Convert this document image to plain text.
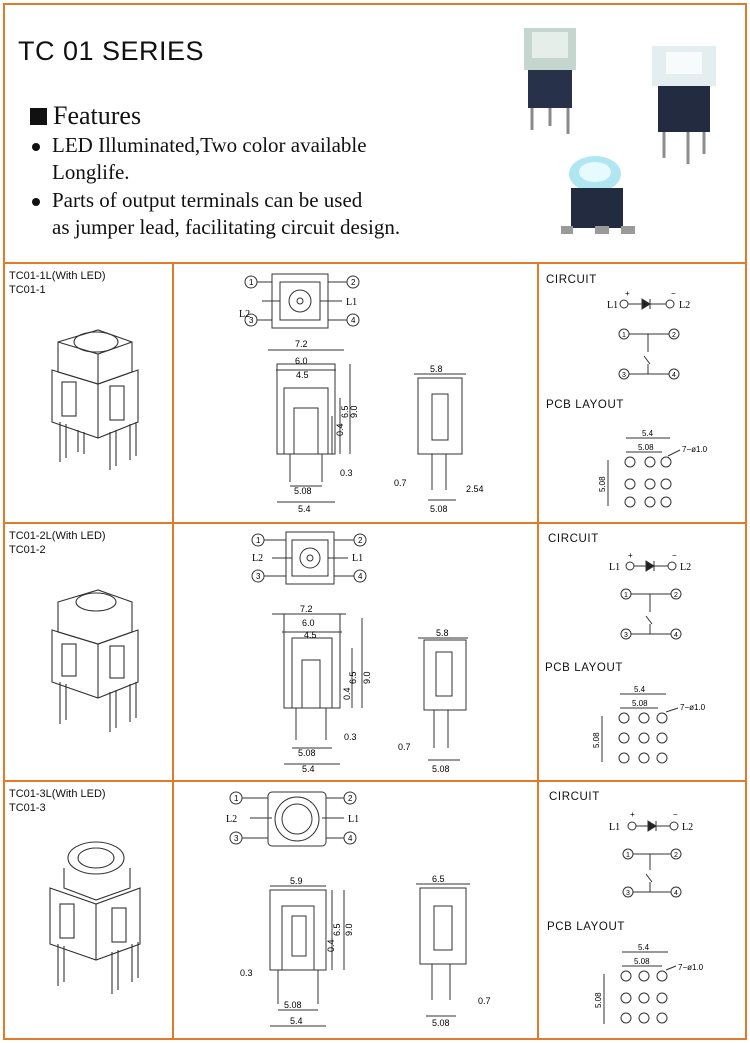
TC 01 SERIES
Features
LED Illuminated,Two color available
Longlife.
Parts of output terminals can be used
as jumper lead, facilitating circuit design.
TC01-1L(With LED)
TC01-1
L2
L1
1	2
3	4
7.2
6.0
4.5
0.4
6.5 9.0
0.3
5.08
5.4
5.8
0.7
5.08
2.54
CIRCUIT
L1	L2
+	−
1	2
3	4
PCB LAYOUT
5.4
5.08
5.08
7−ø1.0
TC01-2L(With LED)
TC01-2
L2	L1
1	2
3	4
7.2
6.0
4.5
0.4
6.5 9.0
0.3
5.08
5.4
5.8
0.7
5.08
CIRCUIT
L1	L2
+	−
1	2
3	4
PCB LAYOUT
5.4
5.08
5.08
7−ø1.0
TC01-3L(With LED)
TC01-3
L2	L1
1	2
3	4
5.9
0.4
6.5 9.0
0.3
5.08
5.4
6.5
0.7
5.08
CIRCUIT
L1	L2
+	−
1	2
3	4
PCB LAYOUT
5.4
5.08
5.08
7−ø1.0
